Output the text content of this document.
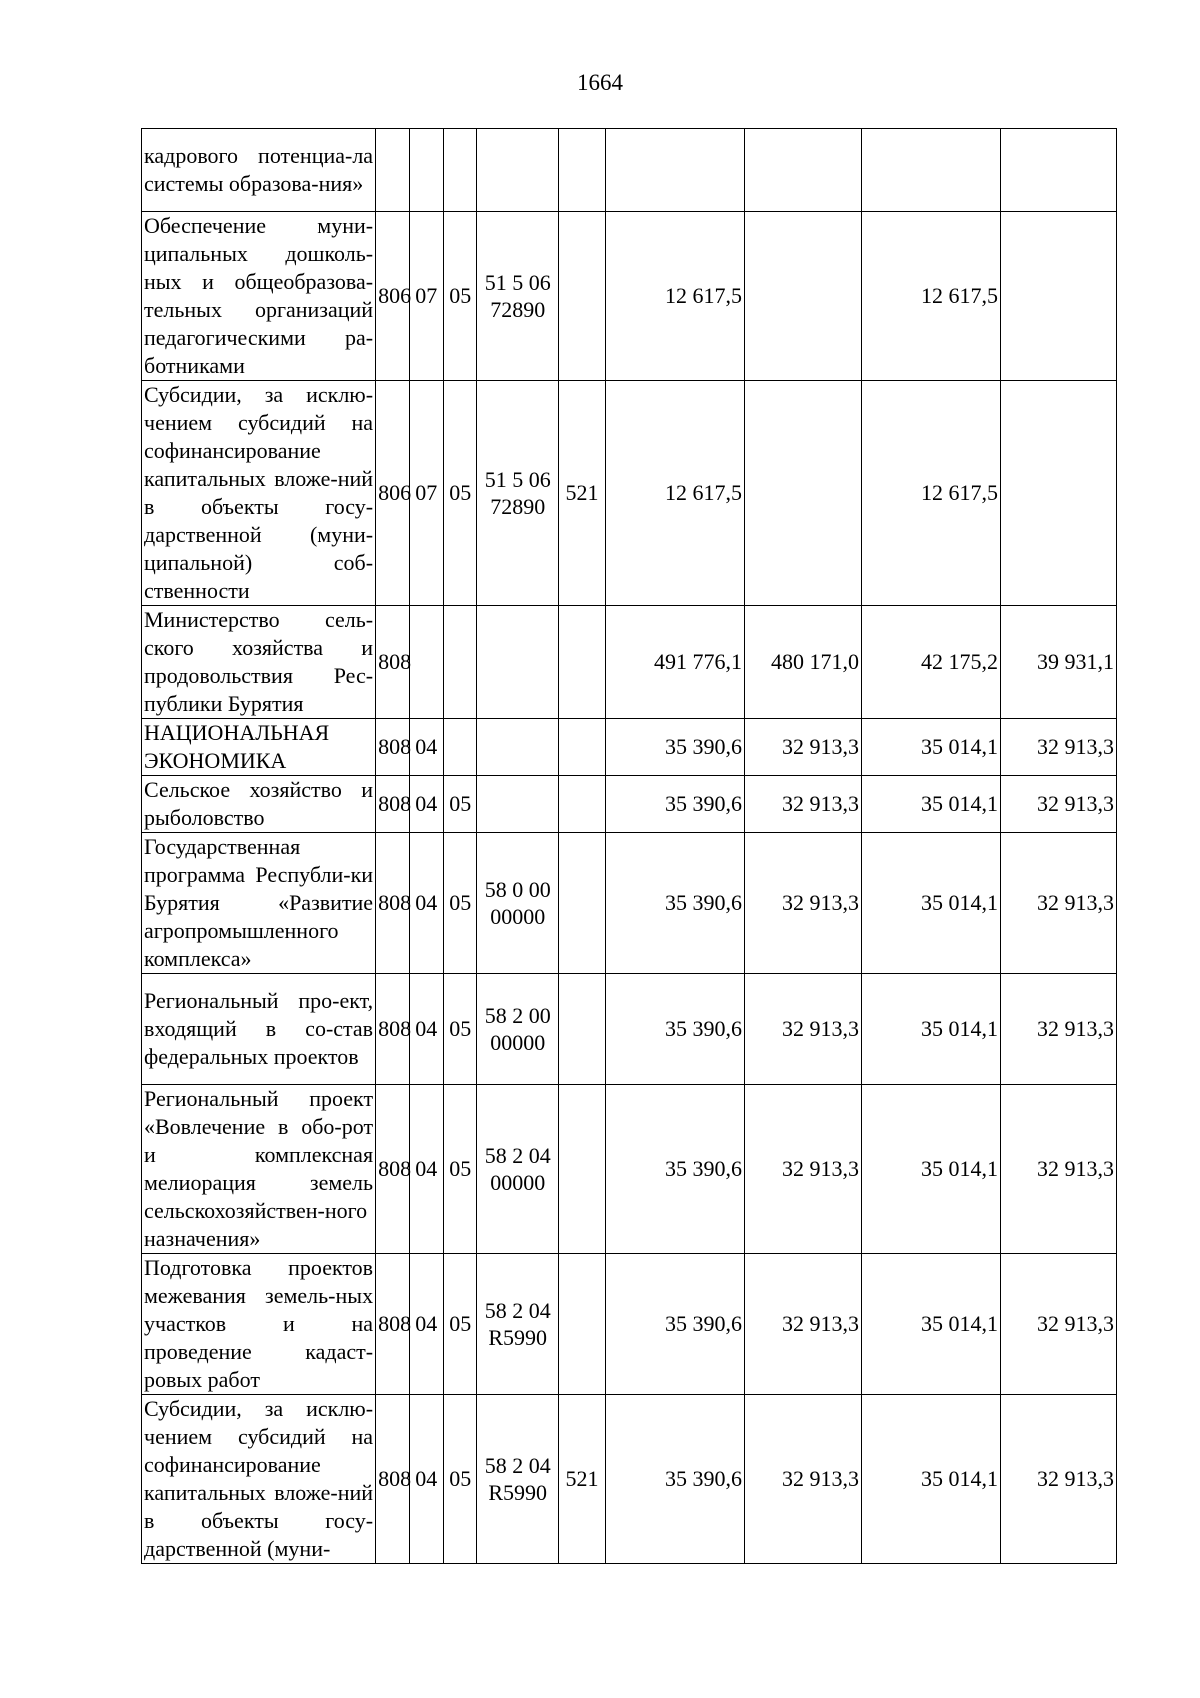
1664
кадрового потенциа-ла системы образова-ния»									

Обеспечение муни-ципальных дошколь-ных и общеобразова-тельных организаций педагогическими ра-ботниками	806	07	05	51 5 06 72890		12 617,5		12 617,5	

Субсидии, за исклю-чением субсидий на софинансирование капитальных вложе-ний в объекты госу-дарственной (муни-ципальной) соб-ственности	806	07	05	51 5 06 72890	521	12 617,5		12 617,5	

Министерство сель-ского хозяйства и продовольствия Рес-публики Бурятия	808					491 776,1	480 171,0	42 175,2	39 931,1

НАЦИОНАЛЬНАЯ ЭКОНОМИКА	808	04				35 390,6	32 913,3	35 014,1	32 913,3

Сельское хозяйство и рыболовство	808	04	05			35 390,6	32 913,3	35 014,1	32 913,3

Государственная программа Республи-ки Бурятия «Развитие агропромышленного комплекса»	808	04	05	58 0 00 00000		35 390,6	32 913,3	35 014,1	32 913,3

Региональный про-ект, входящий в со-став федеральных проектов	808	04	05	58 2 00 00000		35 390,6	32 913,3	35 014,1	32 913,3

Региональный проект «Вовлечение в обо-рот и комплексная мелиорация земель сельскохозяйствен-ного назначения»	808	04	05	58 2 04 00000		35 390,6	32 913,3	35 014,1	32 913,3

Подготовка проектов межевания земель-ных участков и на проведение кадаст-ровых работ	808	04	05	58 2 04 R5990		35 390,6	32 913,3	35 014,1	32 913,3

Субсидии, за исклю-чением субсидий на софинансирование капитальных вложе-ний в объекты госу-дарственной (муни-	808	04	05	58 2 04 R5990	521	35 390,6	32 913,3	35 014,1	32 913,3
